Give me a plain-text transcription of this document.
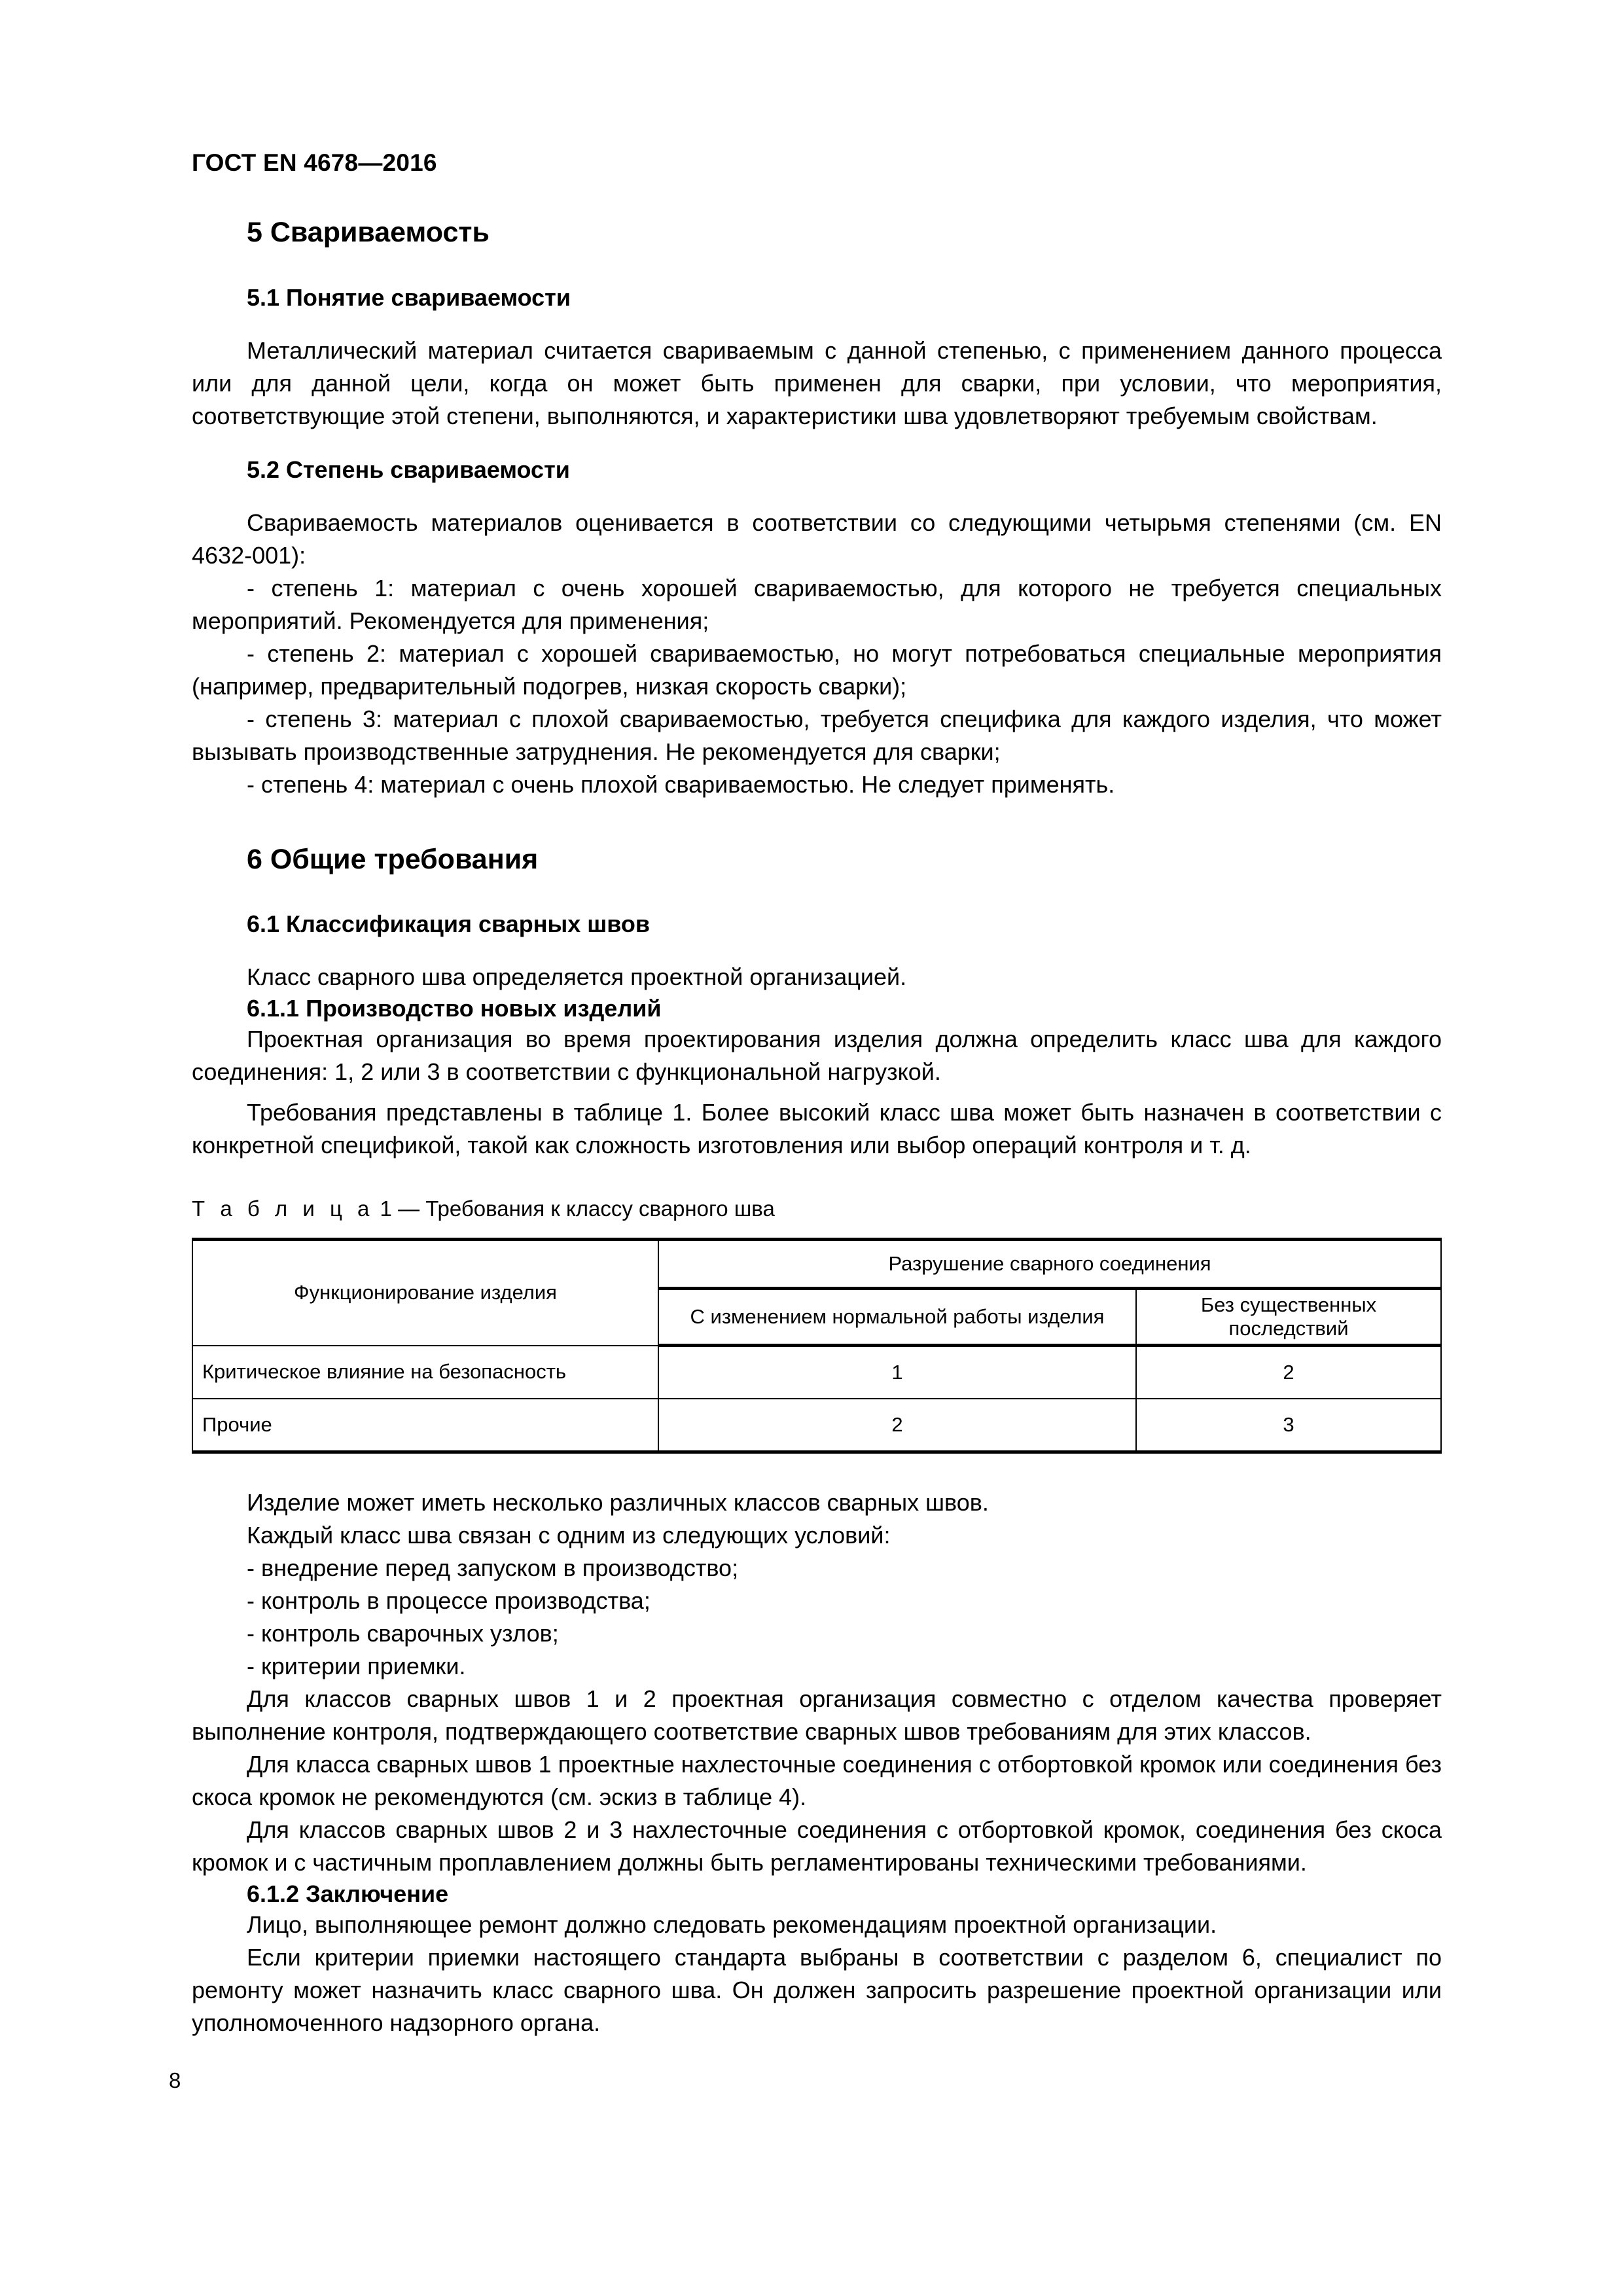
ГОСТ EN 4678—2016
5 Свариваемость
5.1 Понятие свариваемости

Металлический материал считается свариваемым с данной степенью, с применением данного процесса или для данной цели, когда он может быть применен для сварки, при условии, что мероприятия, соответствующие этой степени, выполняются, и характеристики шва удовлетворяют требуемым свойствам.

5.2 Степень свариваемости

Свариваемость материалов оценивается в соответствии со следующими четырьмя степенями (см. EN 4632-001):

- степень 1: материал с очень хорошей свариваемостью, для которого не требуется специальных мероприятий. Рекомендуется для применения;

- степень 2: материал с хорошей свариваемостью, но могут потребоваться специальные мероприятия (например, предварительный подогрев, низкая скорость сварки);

- степень 3: материал с плохой свариваемостью, требуется специфика для каждого изделия, что может вызывать производственные затруднения. Не рекомендуется для сварки;

- степень 4: материал с очень плохой свариваемостью. Не следует применять.

6 Общие требования
6.1 Классификация сварных швов

Класс сварного шва определяется проектной организацией.

6.1.1 Производство новых изделий

Проектная организация во время проектирования изделия должна определить класс шва для каждого соединения: 1, 2 или 3 в соответствии с функциональной нагрузкой.

Требования представлены в таблице 1. Более высокий класс шва может быть назначен в соответствии с конкретной спецификой, такой как сложность изготовления или выбор операций контроля и т. д.

Т а б л и ц а 1 — Требования к классу сварного шва

Функционирование изделия	Разрушение сварного соединения	
	С изменением нормальной работы изделия	Без существенных последствий
Критическое влияние на безопасность	1	2
Прочие	2	3

Изделие может иметь несколько различных классов сварных швов.

Каждый класс шва связан с одним из следующих условий:

- внедрение перед запуском в производство;

- контроль в процессе производства;

- контроль сварочных узлов;

- критерии приемки.

Для классов сварных швов 1 и 2 проектная организация совместно с отделом качества проверяет выполнение контроля, подтверждающего соответствие сварных швов требованиям для этих классов.

Для класса сварных швов 1 проектные нахлесточные соединения с отбортовкой кромок или соединения без скоса кромок не рекомендуются (см. эскиз в таблице 4).

Для классов сварных швов 2 и 3 нахлесточные соединения с отбортовкой кромок, соединения без скоса кромок и с частичным проплавлением должны быть регламентированы техническими требованиями.

6.1.2 Заключение

Лицо, выполняющее ремонт должно следовать рекомендациям проектной организации.

Если критерии приемки настоящего стандарта выбраны в соответствии с разделом 6, специалист по ремонту может назначить класс сварного шва. Он должен запросить разрешение проектной организации или уполномоченного надзорного органа.

8
